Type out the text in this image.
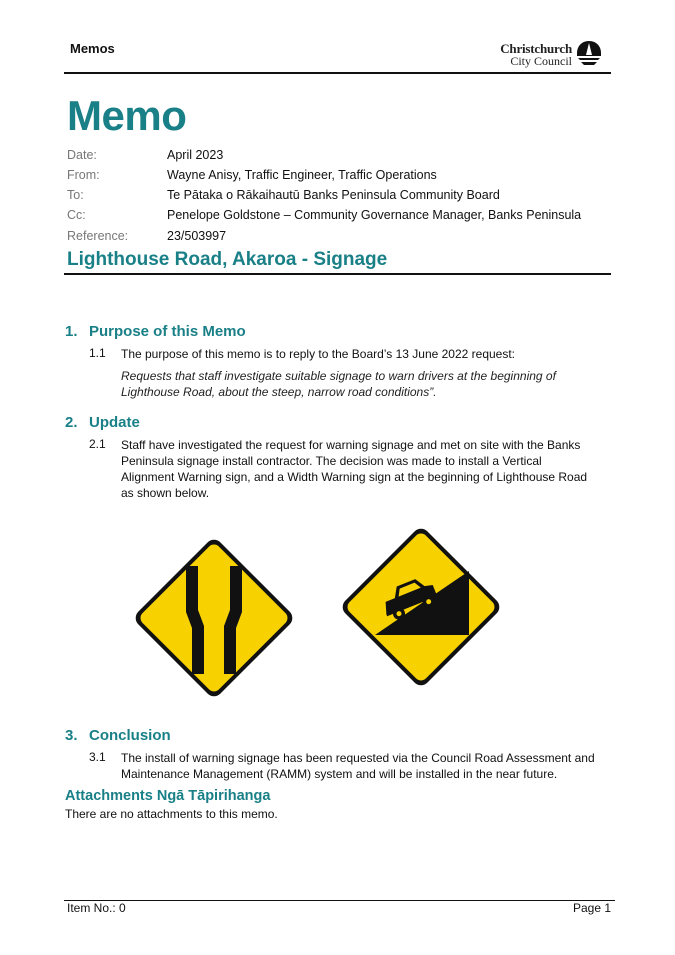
Memos	Christchurch
City Council
Memo
Date:	April 2023
From:	Wayne Anisy, Traffic Engineer, Traffic Operations
To:	Te Pātaka o Rākaihautū Banks Peninsula Community Board
Cc:	Penelope Goldstone – Community Governance Manager, Banks Peninsula
Reference:	23/503997
Lighthouse Road, Akaroa - Signage
1. Purpose of this Memo
1.1 The purpose of this memo is to reply to the Board’s 13 June 2022 request:
Requests that staff investigate suitable signage to warn drivers at the beginning of Lighthouse Road, about the steep, narrow road conditions”.
2. Update
2.1 Staff have investigated the request for warning signage and met on site with the Banks Peninsula signage install contractor. The decision was made to install a Vertical Alignment Warning sign, and a Width Warning sign at the beginning of Lighthouse Road as shown below.
3. Conclusion
3.1 The install of warning signage has been requested via the Council Road Assessment and Maintenance Management (RAMM) system and will be installed in the near future.
Attachments Ngā Tāpirihanga
There are no attachments to this memo.
Item No.: 0	Page 1
